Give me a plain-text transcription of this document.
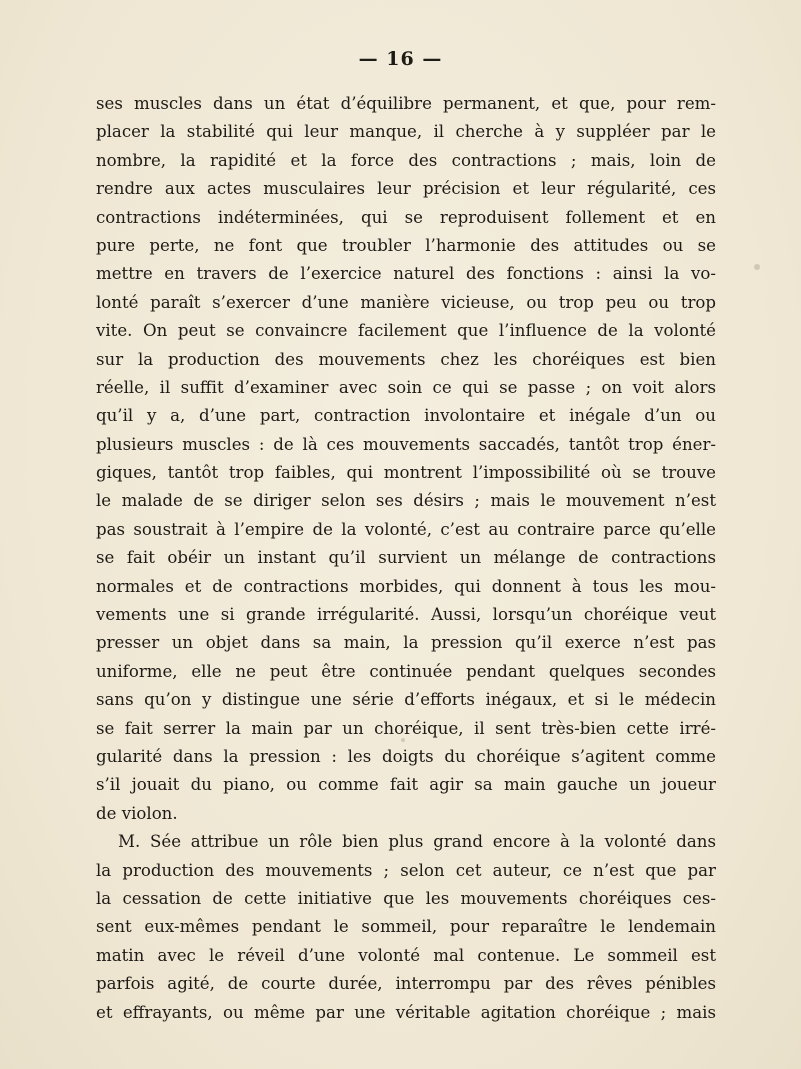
— 16 —
ses muscles dans un état d’équilibre permanent, et que, pour rem-
placer la stabilité qui leur manque, il cherche à y suppléer par le
nombre, la rapidité et la force des contractions ; mais, loin de
rendre aux actes musculaires leur précision et leur régularité, ces
contractions indéterminées, qui se reproduisent follement et en
pure perte, ne font que troubler l’harmonie des attitudes ou se
mettre en travers de l’exercice naturel des fonctions : ainsi la vo-
lonté paraît s’exercer d’une manière vicieuse, ou trop peu ou trop
vite. On peut se convaincre facilement que l’influence de la volonté
sur la production des mouvements chez les choréiques est bien
réelle, il suffit d’examiner avec soin ce qui se passe ; on voit alors
qu’il y a, d’une part, contraction involontaire et inégale d’un ou
plusieurs muscles : de là ces mouvements saccadés, tantôt trop éner-
giques, tantôt trop faibles, qui montrent l’impossibilité où se trouve
le malade de se diriger selon ses désirs ; mais le mouvement n’est
pas soustrait à l’empire de la volonté, c’est au contraire parce qu’elle
se fait obéir un instant qu’il survient un mélange de contractions
normales et de contractions morbides, qui donnent à tous les mou-
vements une si grande irrégularité. Aussi, lorsqu’un choréique veut
presser un objet dans sa main, la pression qu’il exerce n’est pas
uniforme, elle ne peut être continuée pendant quelques secondes
sans qu’on y distingue une série d’efforts inégaux, et si le médecin
se fait serrer la main par un choréique, il sent très-bien cette irré-
gularité dans la pression : les doigts du choréique s’agitent comme
s’il jouait du piano, ou comme fait agir sa main gauche un joueur
de violon.
M. Sée attribue un rôle bien plus grand encore à la volonté dans
la production des mouvements ; selon cet auteur, ce n’est que par
la cessation de cette initiative que les mouvements choréiques ces-
sent eux-mêmes pendant le sommeil, pour reparaître le lendemain
matin avec le réveil d’une volonté mal contenue. Le sommeil est
parfois agité, de courte durée, interrompu par des rêves pénibles
et effrayants, ou même par une véritable agitation choréique ; mais
